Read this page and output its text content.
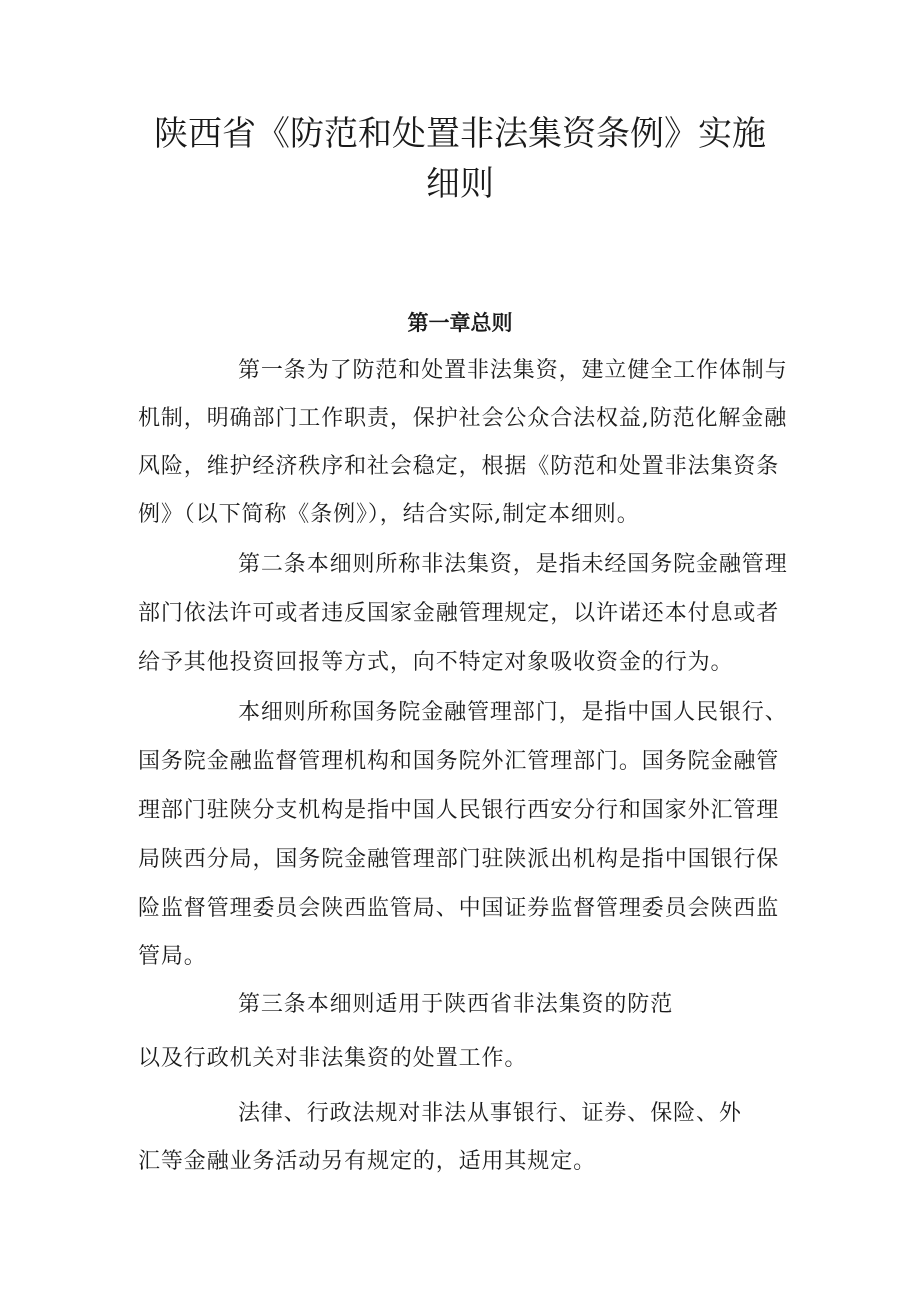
陕西省《防范和处置非法集资条例》实施
细则
第一章总则

第一条为了防范和处置非法集资，建立健全工作体制与

机制，明确部门工作职责，保护社会公众合法权益,防范化解金融

风险，维护经济秩序和社会稳定，根据《防范和处置非法集资条

例》（以下简称《条例》），结合实际,制定本细则。

第二条本细则所称非法集资，是指未经国务院金融管理

部门依法许可或者违反国家金融管理规定，以许诺还本付息或者

给予其他投资回报等方式，向不特定对象吸收资金的行为。

本细则所称国务院金融管理部门，是指中国人民银行、

国务院金融监督管理机构和国务院外汇管理部门。国务院金融管

理部门驻陕分支机构是指中国人民银行西安分行和国家外汇管理

局陕西分局，国务院金融管理部门驻陕派出机构是指中国银行保

险监督管理委员会陕西监管局、中国证券监督管理委员会陕西监

管局。

第三条本细则适用于陕西省非法集资的防范

以及行政机关对非法集资的处置工作。

法律、行政法规对非法从事银行、证券、保险、外

汇等金融业务活动另有规定的，适用其规定。
